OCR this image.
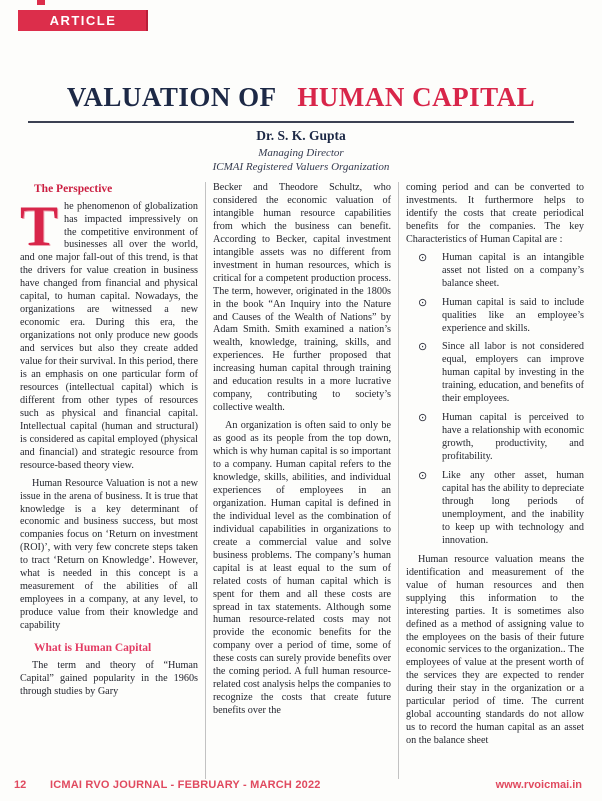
ARTICLE
VALUATION OF HUMAN CAPITAL

Dr. S. K. Gupta

Managing Director

ICMAI Registered Valuers Organization

The Perspective

The phenomenon of globalization has impacted impressively on the competitive environment of businesses all over the world, and one major fall-out of this trend, is that the drivers for value creation in business have changed from financial and physical capital, to human capital. Nowadays, the organizations are witnessed a new economic era. During this era, the organizations not only produce new goods and services but also they create added value for their survival. In this period, there is an emphasis on one particular form of resources (intellectual capital) which is different from other types of resources such as physical and financial capital. Intellectual capital (human and structural) is considered as capital employed (physical and financial) and strategic resource from resource-based theory view.

Human Resource Valuation is not a new issue in the arena of business. It is true that knowledge is a key determinant of economic and business success, but most companies focus on ‘Return on investment (ROI)’, with very few concrete steps taken to tract ‘Return on Knowledge’. However, what is needed in this concept is a measurement of the abilities of all employees in a company, at any level, to produce value from their knowledge and capability

What is Human Capital

The term and theory of “Human Capital” gained popularity in the 1960s through studies by Gary

Becker and Theodore Schultz, who considered the economic valuation of intangible human resource capabilities from which the business can benefit. According to Becker, capital investment intangible assets was no different from investment in human resources, which is critical for a competent production process. The term, however, originated in the 1800s in the book “An Inquiry into the Nature and Causes of the Wealth of Nations” by Adam Smith. Smith examined a nation’s wealth, knowledge, training, skills, and experiences. He further proposed that increasing human capital through training and education results in a more lucrative company, contributing to society’s collective wealth.

An organization is often said to only be as good as its people from the top down, which is why human capital is so important to a company. Human capital refers to the knowledge, skills, abilities, and individual experiences of employees in an organization. Human capital is defined in the individual level as the combination of individual capabilities in organizations to create a commercial value and solve business problems. The company’s human capital is at least equal to the sum of related costs of human capital which is spent for them and all these costs are spread in tax statements. Although some human resource-related costs may not provide the economic benefits for the company over a period of time, some of these costs can surely provide benefits over the coming period. A full human resource-related cost analysis helps the companies to recognize the costs that create future benefits over the

coming period and can be converted to investments. It furthermore helps to identify the costs that create periodical benefits for the companies. The key Characteristics of Human Capital are :

⊙	Human capital is an intangible asset not listed on a company’s balance sheet.
⊙	Human capital is said to include qualities like an employee’s experience and skills.
⊙	Since all labor is not considered equal, employers can improve human capital by investing in the training, education, and benefits of their employees.
⊙	Human capital is perceived to have a relationship with economic growth, productivity, and profitability.
⊙	Like any other asset, human capital has the ability to depreciate through long periods of unemployment, and the inability to keep up with technology and innovation.

Human resource valuation means the identification and measurement of the value of human resources and then supplying this information to the interesting parties. It is sometimes also defined as a method of assigning value to the employees on the basis of their future economic services to the organization.. The employees of value at the present worth of the services they are expected to render during their stay in the organization or a particular period of time. The current global accounting standards do not allow us to record the human capital as an asset on the balance sheet

12 ICMAI RVO JOURNAL - FEBRUARY - MARCH 2022	www.rvoicmai.in
